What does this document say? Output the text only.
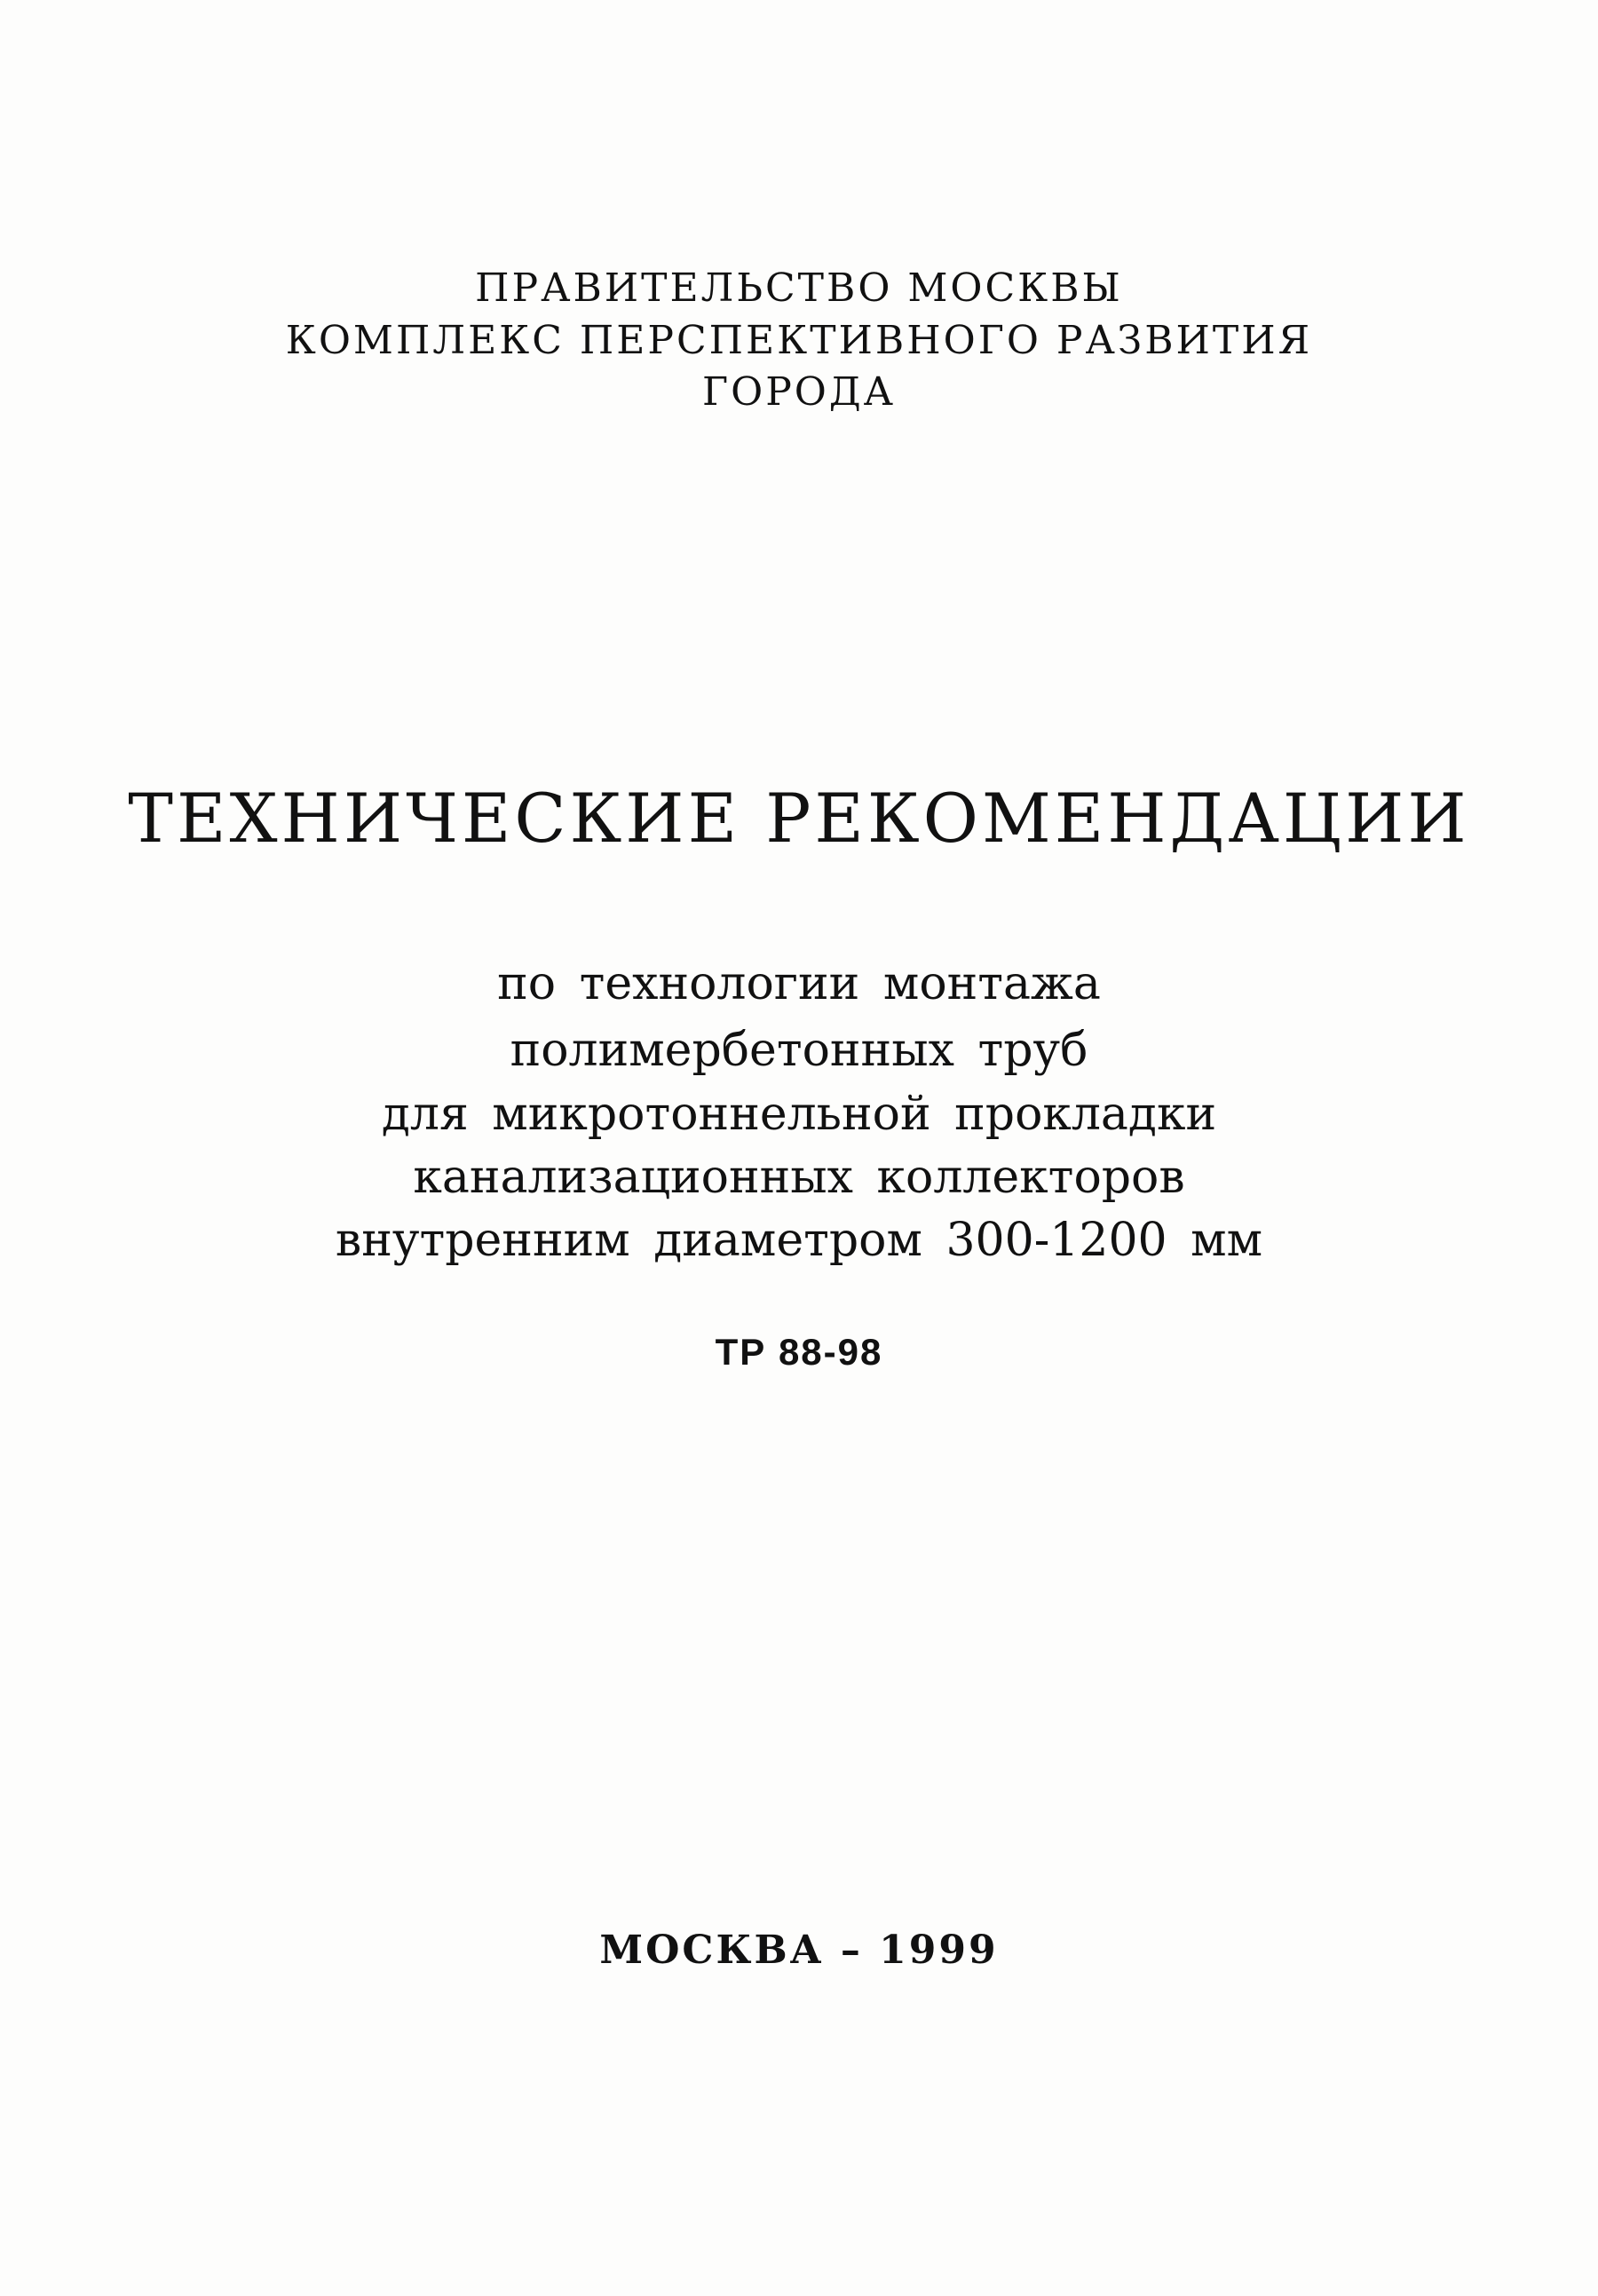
ПРАВИТЕЛЬСТВО МОСКВЫ
КОМПЛЕКС ПЕРСПЕКТИВНОГО РАЗВИТИЯ
ГОРОДА
ТЕХНИЧЕСКИЕ РЕКОМЕНДАЦИИ
по технологии монтажа
полимербетонных труб
для микротоннельной прокладки
канализационных коллекторов
внутренним диаметром 300-1200 мм
ТР 88-98
МОСКВА – 1999
